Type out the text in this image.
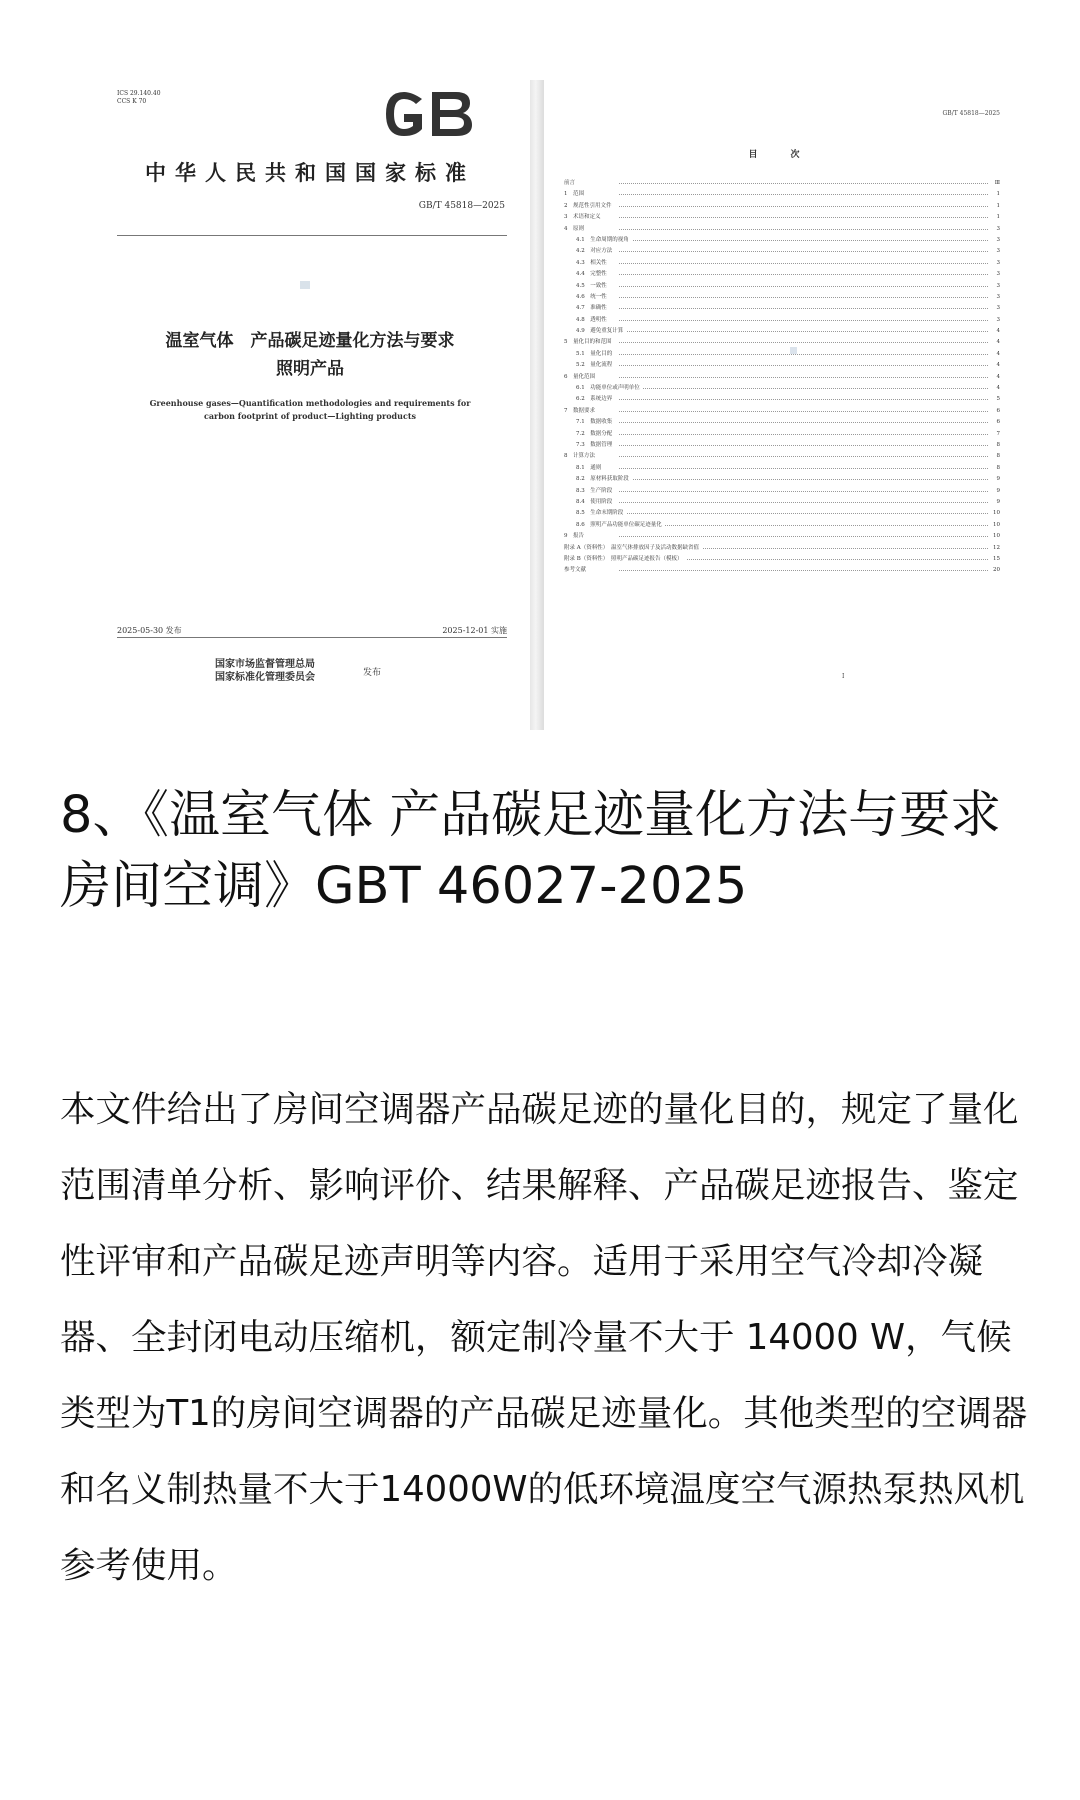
ICS 29.140.40
CCS K 70
中华人民共和国国家标准
GB/T 45818—2025
温室气体　产品碳足迹量化方法与要求
照明产品
Greenhouse gases—Quantification methodologies and requirements for
carbon footprint of product—Lighting products
2025-05-30 发布	2025-12-01 实施
国家市场监督管理总局
国家标准化管理委员会	发布
GB/T 45818—2025
目　次
前言	Ⅲ
1　范围	1
2　规范性引用文件	1
3　术语和定义	1
4　原则	3
4.1　生命周期的视角	3
4.2　对应方法	3
4.3　相关性	3
4.4　完整性	3
4.5　一致性	3
4.6　统一性	3
4.7　准确性	3
4.8　透明性	3
4.9　避免重复计算	4
5　量化目的和范围	4
5.1　量化目的	4
5.2　量化流程	4
6　量化范围	4
6.1　功能单位或声明单位	4
6.2　系统边界	5
7　数据要求	6
7.1　数据收集	6
7.2　数据分配	7
7.3　数据管理	8
8　计算方法	8
8.1　通则	8
8.2　原材料获取阶段	9
8.3　生产阶段	9
8.4　使用阶段	9
8.5　生命末期阶段	10
8.6　照明产品功能单位碳足迹量化	10
9　报告	10
附录 A（资料性）　温室气体排放因子及活动数据缺省值	12
附录 B（资料性）　照明产品碳足迹报告（模板）	15
参考文献	20
I
8、《温室气体 产品碳足迹量化方法与要求 房间空调》GBT 46027-2025

本文件给出了房间空调器产品碳足迹的量化目的，规定了量化范围清单分析、影响评价、结果解释、产品碳足迹报告、鉴定性评审和产品碳足迹声明等内容。适用于采用空气冷却冷凝器、全封闭电动压缩机，额定制冷量不大于 14000 W，气候类型为T1的房间空调器的产品碳足迹量化。其他类型的空调器和名义制热量不大于14000W的低环境温度空气源热泵热风机参考使用。
